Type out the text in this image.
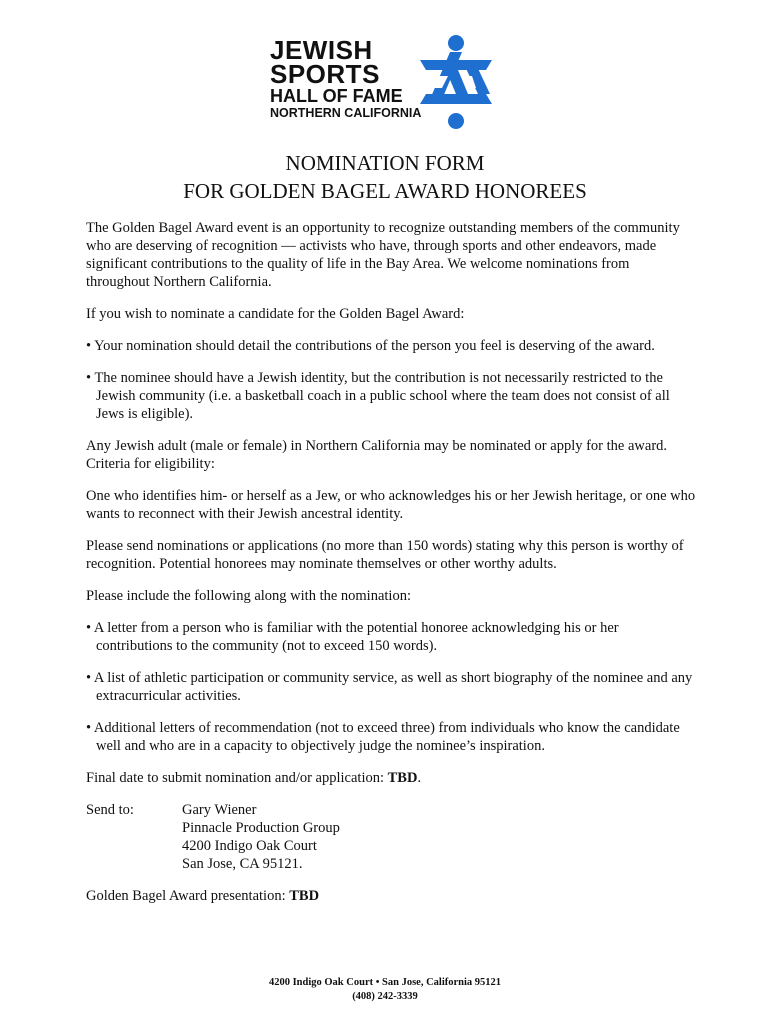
JEWISH
SPORTS
HALL OF FAME
NORTHERN CALIFORNIA
NOMINATION FORM
FOR GOLDEN BAGEL AWARD HONOREES

The Golden Bagel Award event is an opportunity to recognize outstanding members of the community who are deserving of recognition — activists who have, through sports and other endeavors, made significant contributions to the quality of life in the Bay Area. We welcome nominations from throughout Northern California.

If you wish to nominate a candidate for the Golden Bagel Award:

• Your nomination should detail the contributions of the person you feel is deserving of the award.

• The nominee should have a Jewish identity, but the contribution is not necessarily restricted to the Jewish community (i.e. a basketball coach in a public school where the team does not consist of all Jews is eligible).

Any Jewish adult (male or female) in Northern California may be nominated or apply for the award. Criteria for eligibility:

One who identifies him- or herself as a Jew, or who acknowledges his or her Jewish heritage, or one who wants to reconnect with their Jewish ancestral identity.

Please send nominations or applications (no more than 150 words) stating why this person is worthy of recognition. Potential honorees may nominate themselves or other worthy adults.

Please include the following along with the nomination:

• A letter from a person who is familiar with the potential honoree acknowledging his or her contributions to the community (not to exceed 150 words).

• A list of athletic participation or community service, as well as short biography of the nominee and any extracurricular activities.

• Additional letters of recommendation (not to exceed three) from individuals who know the candidate well and who are in a capacity to objectively judge the nominee’s inspiration.

Final date to submit nomination and/or application: TBD.

Send to:	Gary Wiener
Pinnacle Production Group
4200 Indigo Oak Court
San Jose, CA 95121.

Golden Bagel Award presentation: TBD

4200 Indigo Oak Court • San Jose, California 95121
(408) 242-3339
